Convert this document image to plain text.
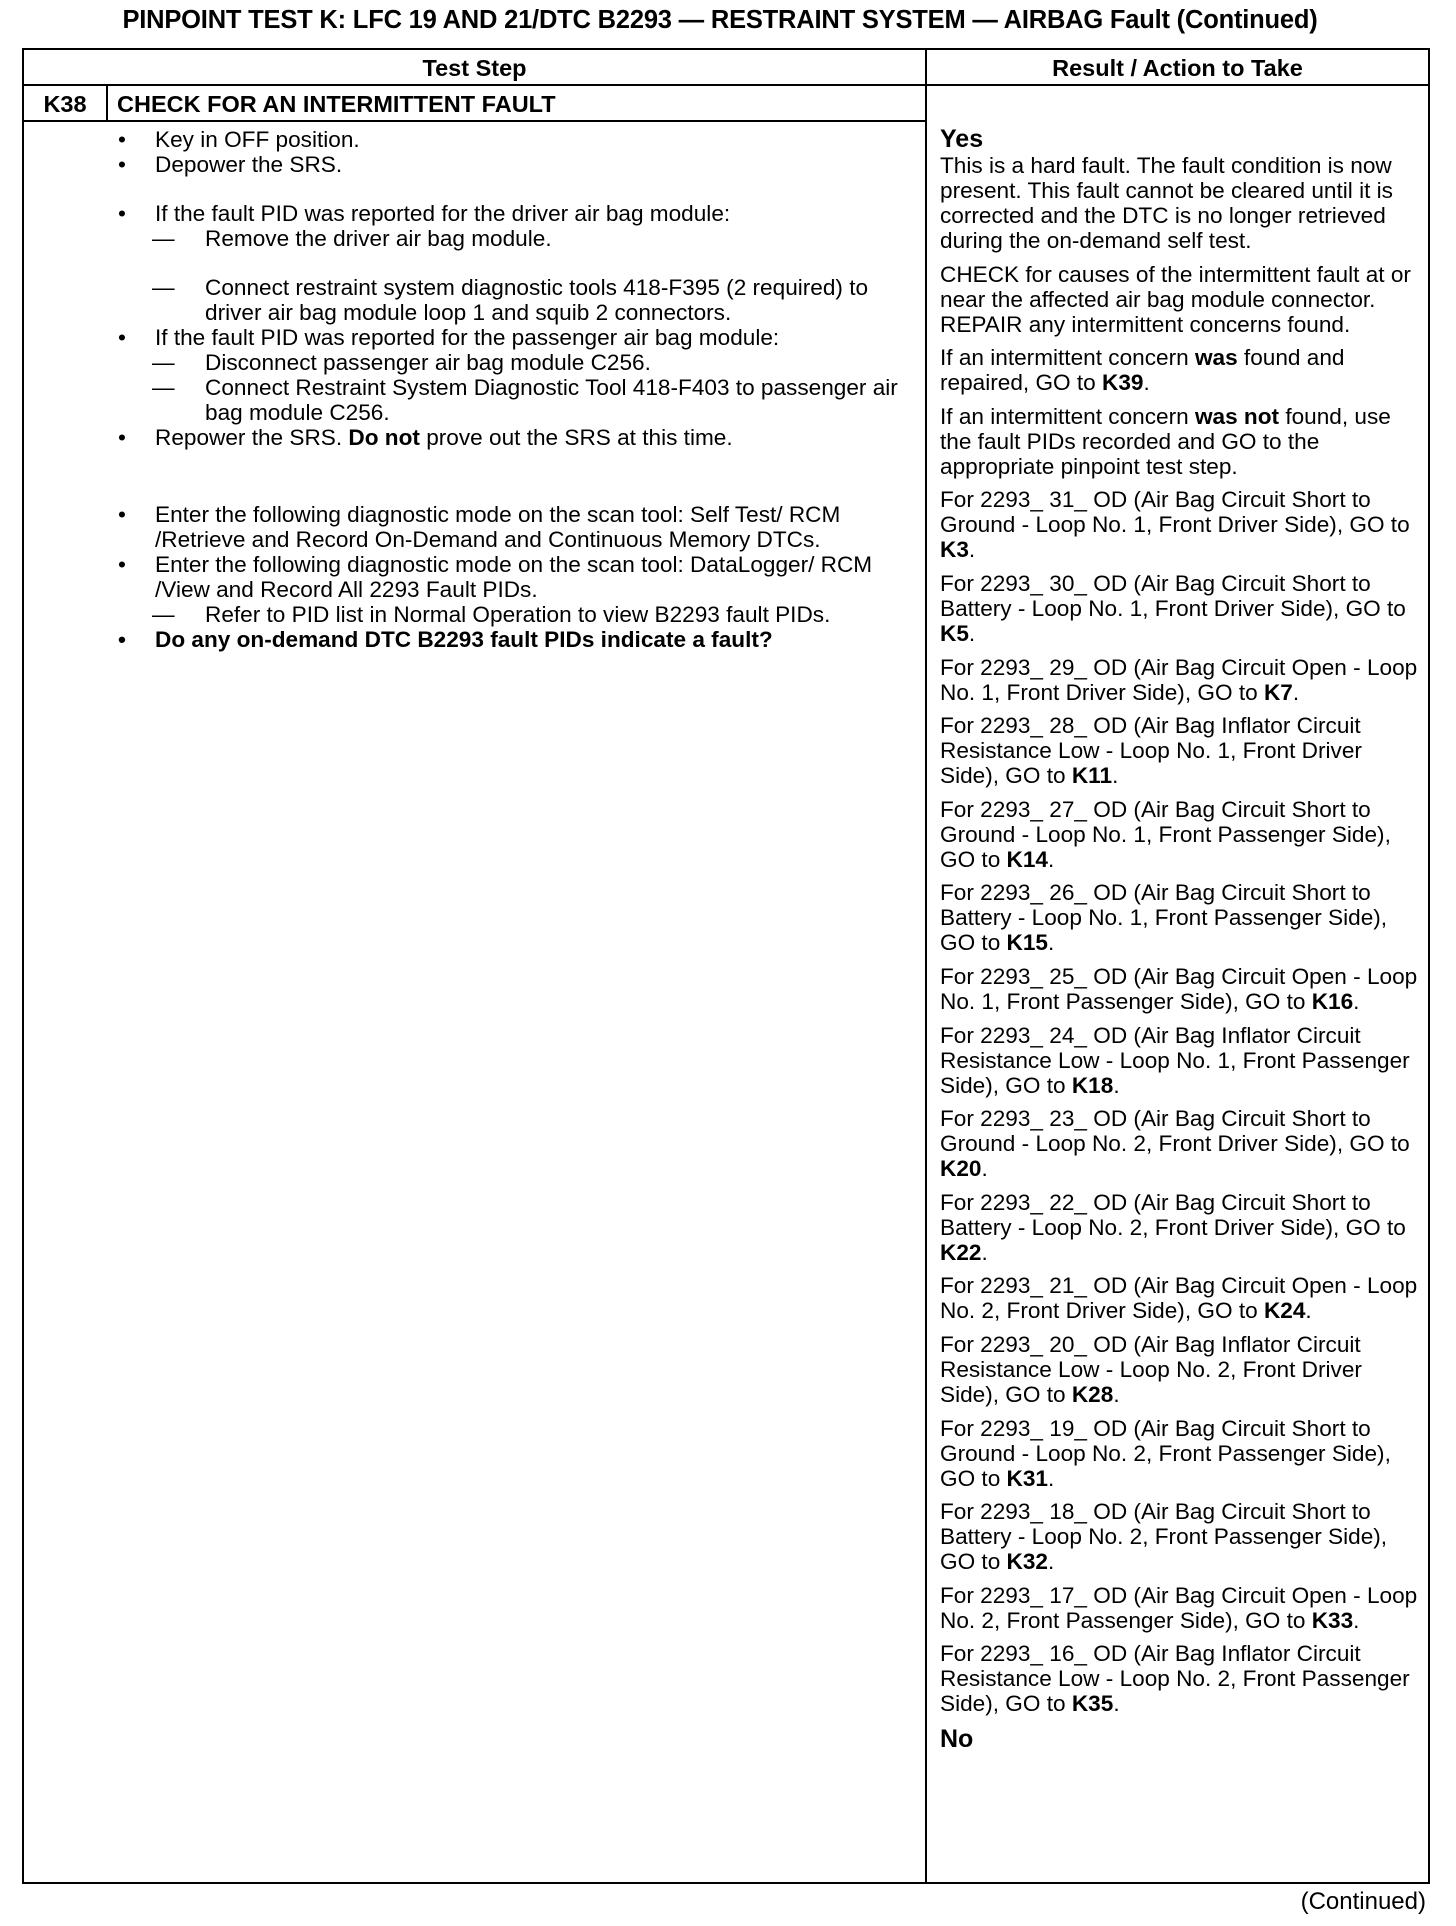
PINPOINT TEST K: LFC 19 AND 21/DTC B2293 — RESTRAINT SYSTEM — AIRBAG Fault (Continued)
Test Step	Result / Action to Take
K38	CHECK FOR AN INTERMITTENT FAULT
• Key in OFF position.
• Depower the SRS.
• If the fault PID was reported for the driver air bag module:
— Remove the driver air bag module.
— Connect restraint system diagnostic tools 418-F395 (2 required) to driver air bag module loop 1 and squib 2 connectors.
• If the fault PID was reported for the passenger air bag module:
— Disconnect passenger air bag module C256.
— Connect Restraint System Diagnostic Tool 418-F403 to passenger air bag module C256.
• Repower the SRS. Do not prove out the SRS at this time.
• Enter the following diagnostic mode on the scan tool: Self Test/ RCM /Retrieve and Record On-Demand and Continuous Memory DTCs.
• Enter the following diagnostic mode on the scan tool: DataLogger/ RCM /View and Record All 2293 Fault PIDs.
— Refer to PID list in Normal Operation to view B2293 fault PIDs.
• Do any on-demand DTC B2293 fault PIDs indicate a fault?
Yes

This is a hard fault. The fault condition is now present. This fault cannot be cleared until it is corrected and the DTC is no longer retrieved during the on-demand self test.

CHECK for causes of the intermittent fault at or near the affected air bag module connector. REPAIR any intermittent concerns found.

If an intermittent concern was found and repaired, GO to K39.

If an intermittent concern was not found, use the fault PIDs recorded and GO to the appropriate pinpoint test step.

For 2293_ 31_ OD (Air Bag Circuit Short to Ground - Loop No. 1, Front Driver Side), GO to K3.

For 2293_ 30_ OD (Air Bag Circuit Short to Battery - Loop No. 1, Front Driver Side), GO to K5.

For 2293_ 29_ OD (Air Bag Circuit Open - Loop No. 1, Front Driver Side), GO to K7.

For 2293_ 28_ OD (Air Bag Inflator Circuit Resistance Low - Loop No. 1, Front Driver Side), GO to K11.

For 2293_ 27_ OD (Air Bag Circuit Short to Ground - Loop No. 1, Front Passenger Side), GO to K14.

For 2293_ 26_ OD (Air Bag Circuit Short to Battery - Loop No. 1, Front Passenger Side), GO to K15.

For 2293_ 25_ OD (Air Bag Circuit Open - Loop No. 1, Front Passenger Side), GO to K16.

For 2293_ 24_ OD (Air Bag Inflator Circuit Resistance Low - Loop No. 1, Front Passenger Side), GO to K18.

For 2293_ 23_ OD (Air Bag Circuit Short to Ground - Loop No. 2, Front Driver Side), GO to K20.

For 2293_ 22_ OD (Air Bag Circuit Short to Battery - Loop No. 2, Front Driver Side), GO to K22.

For 2293_ 21_ OD (Air Bag Circuit Open - Loop No. 2, Front Driver Side), GO to K24.

For 2293_ 20_ OD (Air Bag Inflator Circuit Resistance Low - Loop No. 2, Front Driver Side), GO to K28.

For 2293_ 19_ OD (Air Bag Circuit Short to Ground - Loop No. 2, Front Passenger Side), GO to K31.

For 2293_ 18_ OD (Air Bag Circuit Short to Battery - Loop No. 2, Front Passenger Side), GO to K32.

For 2293_ 17_ OD (Air Bag Circuit Open - Loop No. 2, Front Passenger Side), GO to K33.

For 2293_ 16_ OD (Air Bag Inflator Circuit Resistance Low - Loop No. 2, Front Passenger Side), GO to K35.

No
(Continued)
